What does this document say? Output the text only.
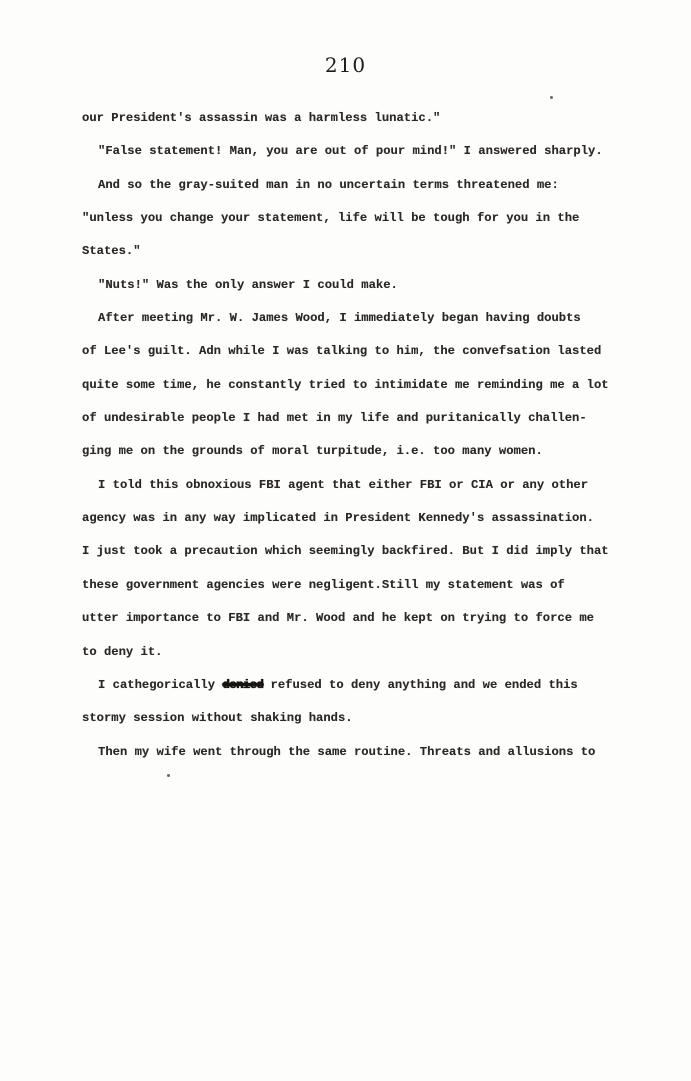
210
our President's assassin was a harmless lunatic."
"False statement! Man, you are out of pour mind!" I answered sharply.
And so the gray-suited man in no uncertain terms threatened me:
"unless you change your statement, life will be tough for you in the
States."
"Nuts!" Was the only answer I could make.
After meeting Mr. W. James Wood, I immediately began having doubts
of Lee's guilt. Adn while I was talking to him, the convefsation lasted
quite some time, he constantly tried to intimidate me reminding me a lot
of undesirable people I had met in my life and puritanically challen-
ging me on the grounds of moral turpitude, i.e. too many women.
I told this obnoxious FBI agent that either FBI or CIA or any other
agency was in any way implicated in President Kennedy's assassination.
I just took a precaution which seemingly backfired. But I did imply that
these government agencies were negligent.Still my statement was of
utter importance to FBI and Mr. Wood and he kept on trying to force me
to deny it.
I cathegorically denied refused to deny anything and we ended this
stormy session without shaking hands.
Then my wife went through the same routine. Threats and allusions to
